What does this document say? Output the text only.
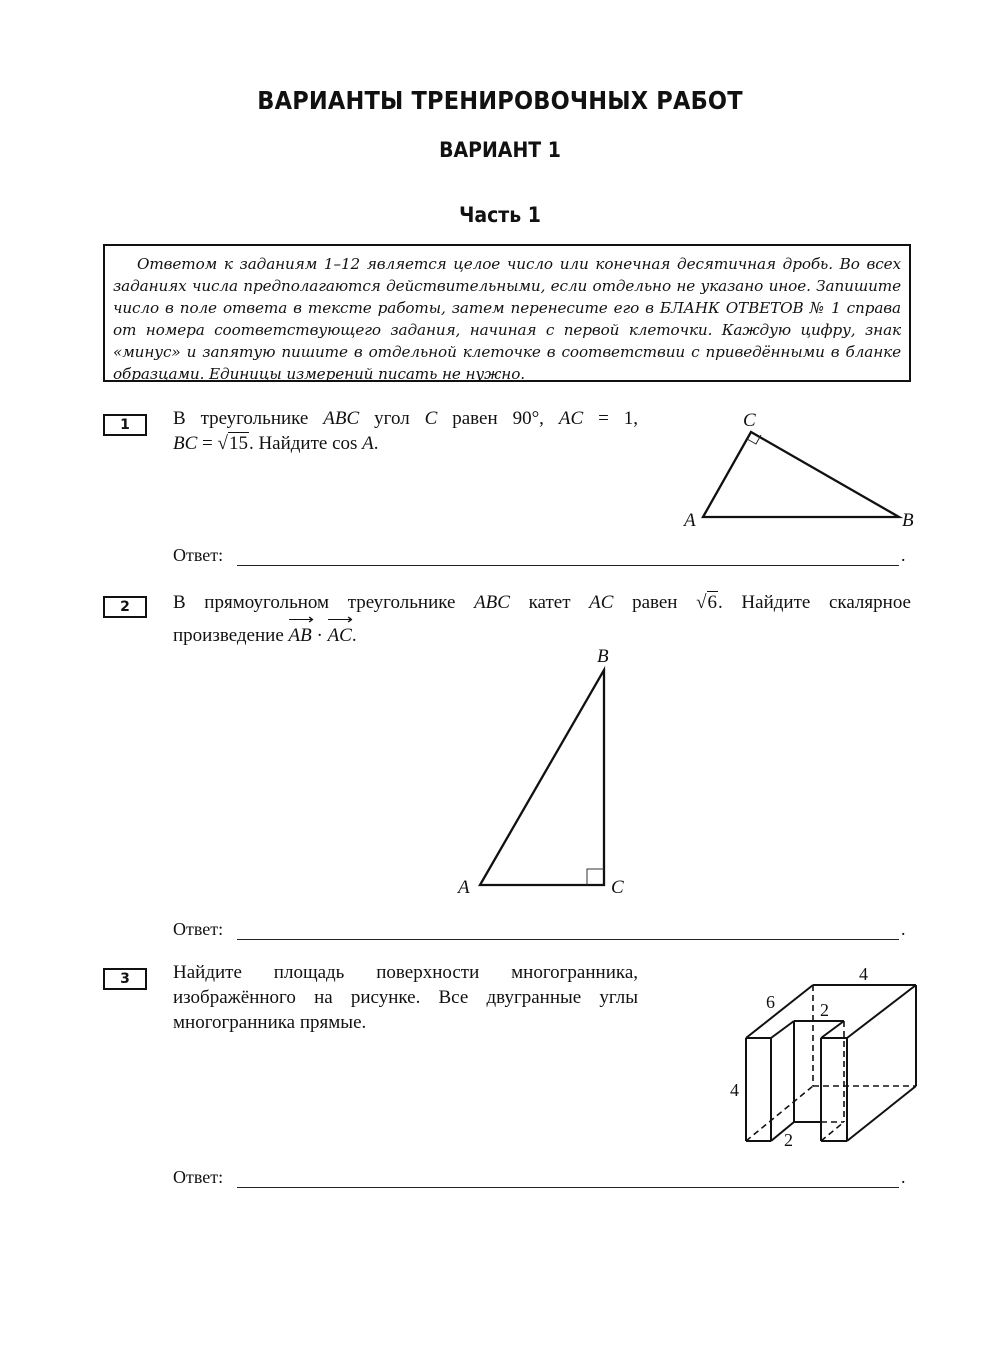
ВАРИАНТЫ ТРЕНИРОВОЧНЫХ РАБОТ
ВАРИАНТ 1
Часть 1

Ответом к заданиям 1–12 является целое число или конечная десятичная дробь. Во всех заданиях числа предполагаются действительными, если отдельно не указано иное. Запишите число в поле ответа в тексте работы, затем перенесите его в БЛАНК ОТВЕТОВ № 1 справа от номера соответствующего задания, начиная с первой клеточки. Каждую цифру, знак «минус» и запятую пишите в отдельной клеточке в соответствии с приведёнными в бланке образцами. Единицы измерений писать не нужно.

1	В треугольнике ABC угол C равен 90°, AC = 1,
BC = √15. Найдите cos A.
A	B
C
Ответ:	.
2	В прямоугольном треугольнике ABC катет AC равен √6. Найдите скалярное
произведение ⟶ AB · ⟶ AC.
A
B
C
Ответ:	.
3	Найдите площадь поверхности многогранника,
изображённого на рисунке. Все двугранные углы
многогранника прямые.
4
6	2
4
2
Ответ:	.
